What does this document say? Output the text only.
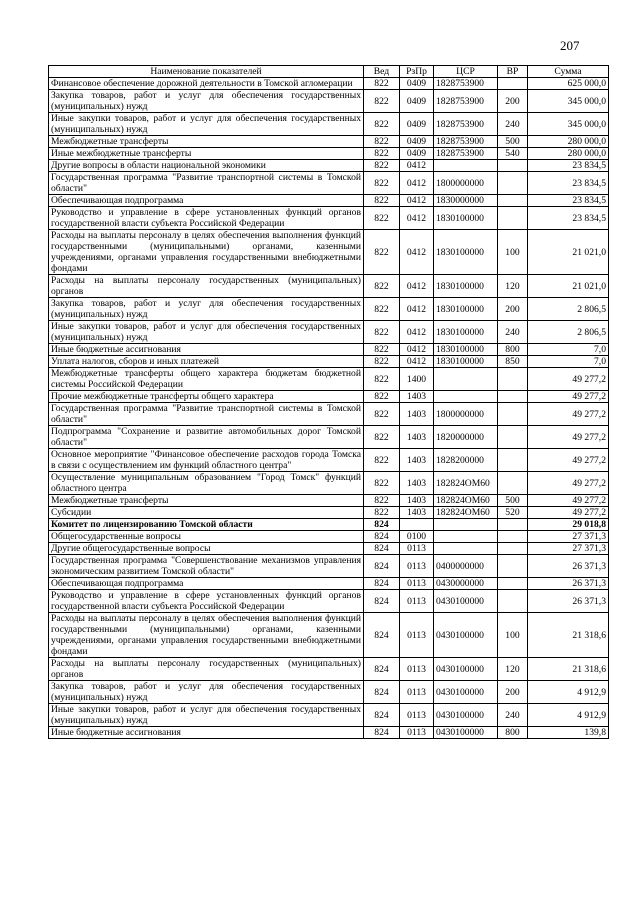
207
Наименование показателей	Вед	РзПр	ЦСР	ВР	Сумма
Финансовое обеспечение дорожной деятельности в Томской агломерации	822	0409	1828753900		625 000,0
Закупка товаров, работ и услуг для обеспечения государственных (муниципальных) нужд	822	0409	1828753900	200	345 000,0
Иные закупки товаров, работ и услуг для обеспечения государственных (муниципальных) нужд	822	0409	1828753900	240	345 000,0
Межбюджетные трансферты	822	0409	1828753900	500	280 000,0
Иные межбюджетные трансферты	822	0409	1828753900	540	280 000,0
Другие вопросы в области национальной экономики	822	0412			23 834,5
Государственная программа "Развитие транспортной системы в Томской области"	822	0412	1800000000		23 834,5
Обеспечивающая подпрограмма	822	0412	1830000000		23 834,5
Руководство и управление в сфере установленных функций органов государственной власти субъекта Российской Федерации	822	0412	1830100000		23 834,5
Расходы на выплаты персоналу в целях обеспечения выполнения функций государственными (муниципальными) органами, казенными учреждениями, органами управления государственными внебюджетными фондами	822	0412	1830100000	100	21 021,0
Расходы на выплаты персоналу государственных (муниципальных) органов	822	0412	1830100000	120	21 021,0
Закупка товаров, работ и услуг для обеспечения государственных (муниципальных) нужд	822	0412	1830100000	200	2 806,5
Иные закупки товаров, работ и услуг для обеспечения государственных (муниципальных) нужд	822	0412	1830100000	240	2 806,5
Иные бюджетные ассигнования	822	0412	1830100000	800	7,0
Уплата налогов, сборов и иных платежей	822	0412	1830100000	850	7,0
Межбюджетные трансферты общего характера бюджетам бюджетной системы Российской Федерации	822	1400			49 277,2
Прочие межбюджетные трансферты общего характера	822	1403			49 277,2
Государственная программа "Развитие транспортной системы в Томской области"	822	1403	1800000000		49 277,2
Подпрограмма "Сохранение и развитие автомобильных дорог Томской области"	822	1403	1820000000		49 277,2
Основное мероприятие "Финансовое обеспечение расходов города Томска в связи с осуществлением им функций областного центра"	822	1403	1828200000		49 277,2
Осуществление муниципальным образованием "Город Томск" функций областного центра	822	1403	182824OM60		49 277,2
Межбюджетные трансферты	822	1403	182824OM60	500	49 277,2
Субсидии	822	1403	182824OM60	520	49 277,2
Комитет по лицензированию Томской области	824				29 018,8
Общегосударственные вопросы	824	0100			27 371,3
Другие общегосударственные вопросы	824	0113			27 371,3
Государственная программа "Совершенствование механизмов управления экономическим развитием Томской области"	824	0113	0400000000		26 371,3
Обеспечивающая подпрограмма	824	0113	0430000000		26 371,3
Руководство и управление в сфере установленных функций органов государственной власти субъекта Российской Федерации	824	0113	0430100000		26 371,3
Расходы на выплаты персоналу в целях обеспечения выполнения функций государственными (муниципальными) органами, казенными учреждениями, органами управления государственными внебюджетными фондами	824	0113	0430100000	100	21 318,6
Расходы на выплаты персоналу государственных (муниципальных) органов	824	0113	0430100000	120	21 318,6
Закупка товаров, работ и услуг для обеспечения государственных (муниципальных) нужд	824	0113	0430100000	200	4 912,9
Иные закупки товаров, работ и услуг для обеспечения государственных (муниципальных) нужд	824	0113	0430100000	240	4 912,9
Иные бюджетные ассигнования	824	0113	0430100000	800	139,8
